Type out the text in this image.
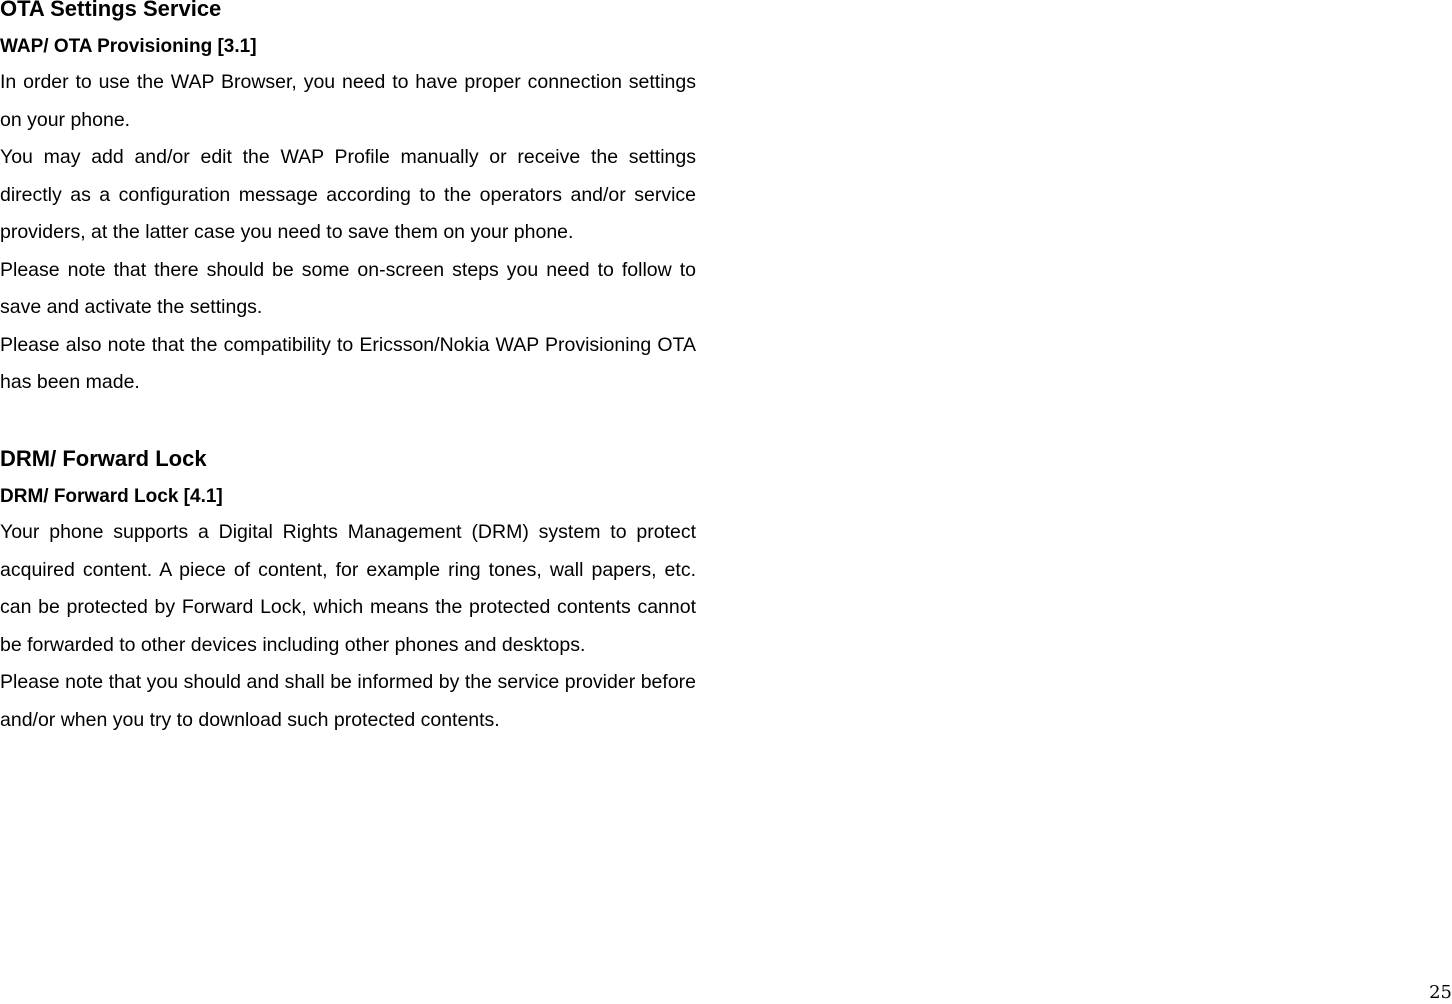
OTA Settings Service
WAP/ OTA Provisioning [3.1]

In order to use the WAP Browser, you need to have proper connection settings on your phone.

You may add and/or edit the WAP Profile manually or receive the settings directly as a configuration message according to the operators and/or service providers, at the latter case you need to save them on your phone.

Please note that there should be some on-screen steps you need to follow to save and activate the settings.

Please also note that the compatibility to Ericsson/Nokia WAP Provisioning OTA has been made.

DRM/ Forward Lock
DRM/ Forward Lock [4.1]

Your phone supports a Digital Rights Management (DRM) system to protect acquired content. A piece of content, for example ring tones, wall papers, etc. can be protected by Forward Lock, which means the protected contents cannot be forwarded to other devices including other phones and desktops.

Please note that you should and shall be informed by the service provider before and/or when you try to download such protected contents.

25
